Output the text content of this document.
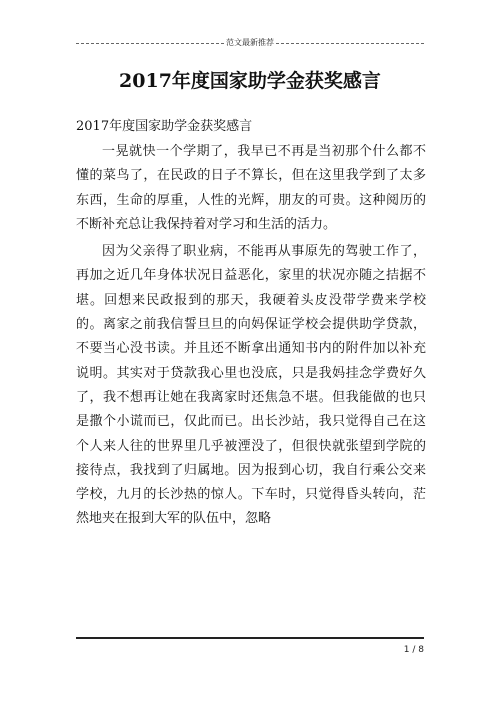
范文最新推荐
2017年度国家助学金获奖感言
2017年度国家助学金获奖感言

一晃就快一个学期了，我早已不再是当初那个什么都不懂的菜鸟了，在民政的日子不算长，但在这里我学到了太多东西，生命的厚重，人性的光辉，朋友的可贵。这种阅历的不断补充总让我保持着对学习和生活的活力。

因为父亲得了职业病，不能再从事原先的驾驶工作了，再加之近几年身体状况日益恶化，家里的状况亦随之拮据不堪。回想来民政报到的那天，我硬着头皮没带学费来学校的。离家之前我信誓旦旦的向妈保证学校会提供助学贷款，不要当心没书读。并且还不断拿出通知书内的附件加以补充说明。其实对于贷款我心里也没底，只是我妈挂念学费好久了，我不想再让她在我离家时还焦急不堪。但我能做的也只是撒个小谎而已，仅此而已。出长沙站，我只觉得自己在这个人来人往的世界里几乎被湮没了，但很快就张望到学院的接待点，我找到了归属地。因为报到心切，我自行乘公交来学校，九月的长沙热的惊人。下车时，只觉得昏头转向，茫然地夹在报到大军的队伍中，忽略

1 / 8
